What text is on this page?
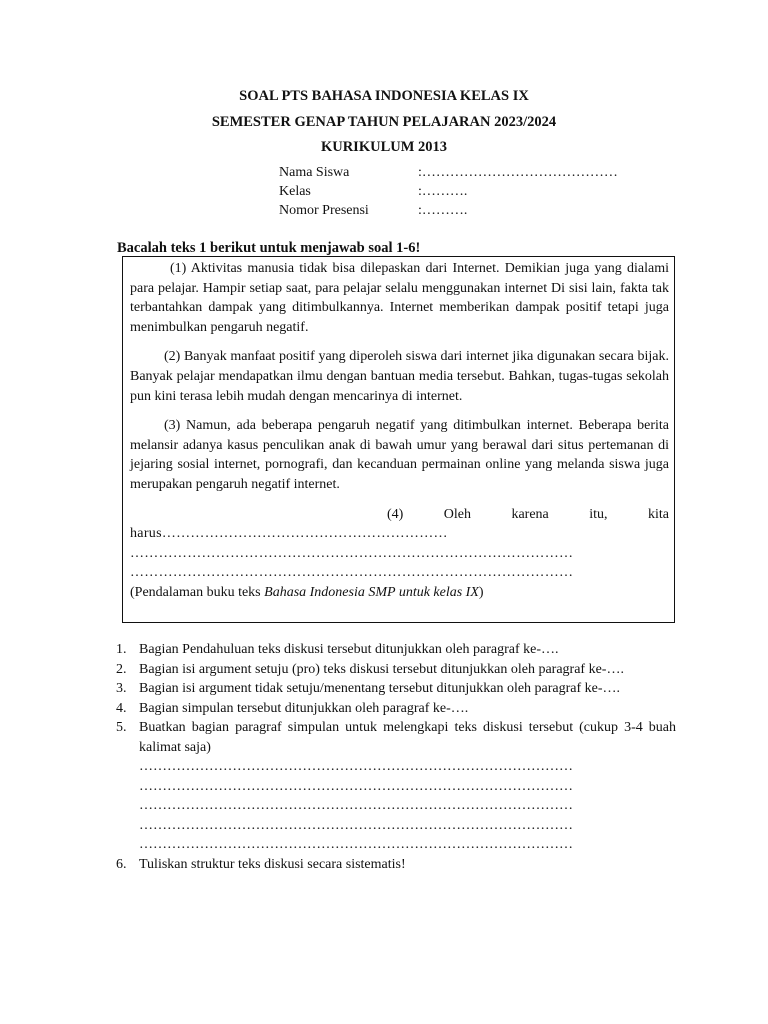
SOAL PTS BAHASA INDONESIA KELAS IX
SEMESTER GENAP TAHUN PELAJARAN 2023/2024
KURIKULUM 2013
Nama Siswa	:……………………………………
Kelas	:……….
Nomor Presensi	:……….
Bacalah teks 1 berikut untuk menjawab soal 1-6!

(1) Aktivitas manusia tidak bisa dilepaskan dari Internet. Demikian juga yang dialami para pelajar. Hampir setiap saat, para pelajar selalu menggunakan internet Di sisi lain, fakta tak terbantahkan dampak yang ditimbulkannya. Internet memberikan dampak positif tetapi juga menimbulkan pengaruh negatif.

(2) Banyak manfaat positif yang diperoleh siswa dari internet jika digunakan secara bijak. Banyak pelajar mendapatkan ilmu dengan bantuan media tersebut. Bahkan, tugas-tugas sekolah pun kini terasa lebih mudah dengan mencarinya di internet.

(3) Namun, ada beberapa pengaruh negatif yang ditimbulkan internet. Beberapa berita melansir adanya kasus penculikan anak di bawah umur yang berawal dari situs pertemanan di jejaring sosial internet, pornografi, dan kecanduan permainan online yang melanda siswa juga merupakan pengaruh negatif internet.

(4)	Oleh	karena	itu,	kita
harus……………………………………………………
…………………………………………………………………………………
…………………………………………………………………………………
(Pendalaman buku teks Bahasa Indonesia SMP untuk kelas IX)
1. Bagian Pendahuluan teks diskusi tersebut ditunjukkan oleh paragraf ke-….
2. Bagian isi argument setuju (pro) teks diskusi tersebut ditunjukkan oleh paragraf ke-….
3. Bagian isi argument tidak setuju/menentang tersebut ditunjukkan oleh paragraf ke-….
4. Bagian simpulan tersebut ditunjukkan oleh paragraf ke-….
5. Buatkan bagian paragraf simpulan untuk melengkapi teks diskusi tersebut (cukup 3-4 buah kalimat saja)
…………………………………………………………………………………
…………………………………………………………………………………
…………………………………………………………………………………
…………………………………………………………………………………
…………………………………………………………………………………
6. Tuliskan struktur teks diskusi secara sistematis!
